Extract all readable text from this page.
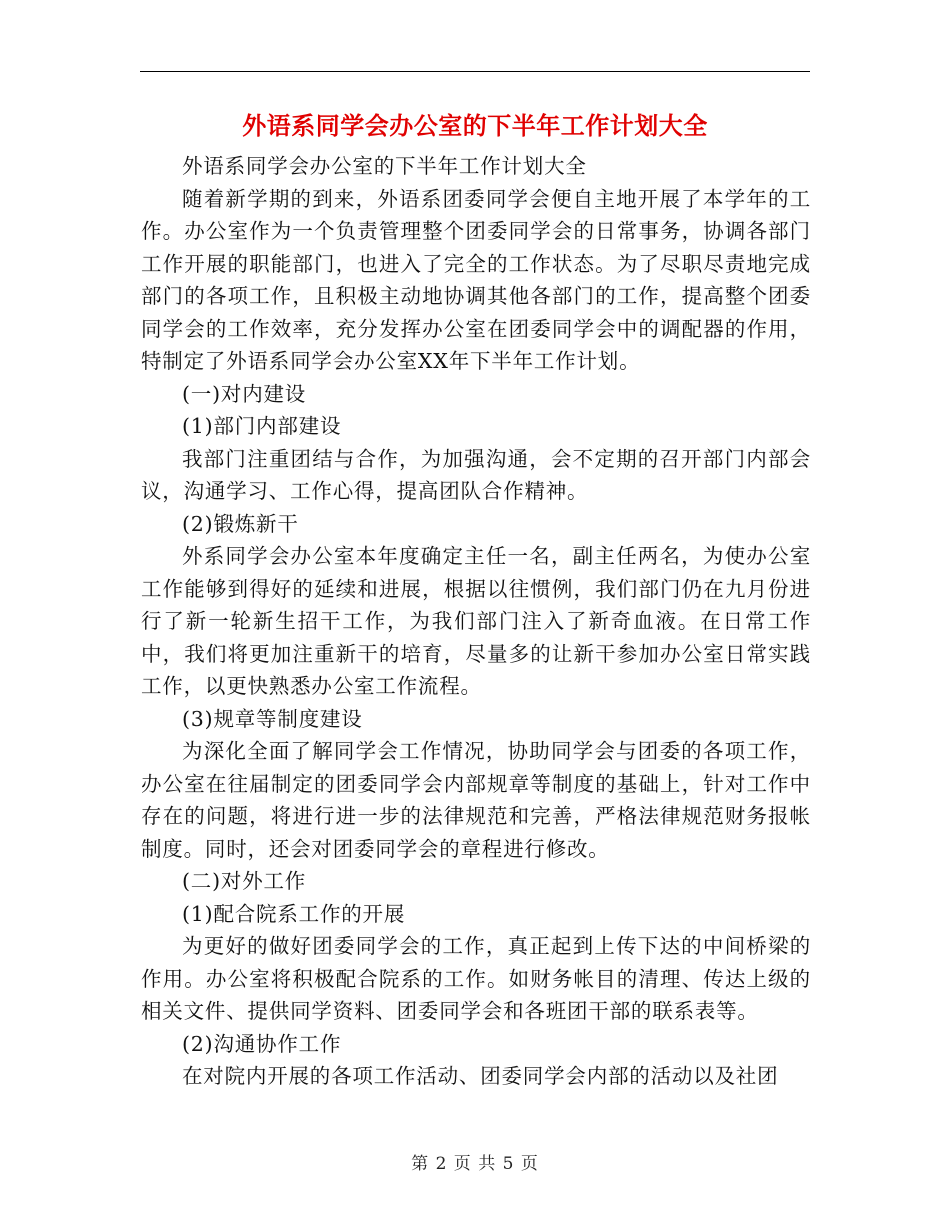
外语系同学会办公室的下半年工作计划大全

外语系同学会办公室的下半年工作计划大全

随着新学期的到来，外语系团委同学会便自主地开展了本学年的工作。办公室作为一个负责管理整个团委同学会的日常事务，协调各部门工作开展的职能部门，也进入了完全的工作状态。为了尽职尽责地完成部门的各项工作，且积极主动地协调其他各部门的工作，提高整个团委同学会的工作效率，充分发挥办公室在团委同学会中的调配器的作用，特制定了外语系同学会办公室XX年下半年工作计划。

(一)对内建设

(1)部门内部建设

我部门注重团结与合作，为加强沟通，会不定期的召开部门内部会议，沟通学习、工作心得，提高团队合作精神。

(2)锻炼新干

外系同学会办公室本年度确定主任一名，副主任两名，为使办公室工作能够到得好的延续和进展，根据以往惯例，我们部门仍在九月份进行了新一轮新生招干工作，为我们部门注入了新奇血液。在日常工作中，我们将更加注重新干的培育，尽量多的让新干参加办公室日常实践工作，以更快熟悉办公室工作流程。

(3)规章等制度建设

为深化全面了解同学会工作情况，协助同学会与团委的各项工作，办公室在往届制定的团委同学会内部规章等制度的基础上，针对工作中存在的问题，将进行进一步的法律规范和完善，严格法律规范财务报帐制度。同时，还会对团委同学会的章程进行修改。

(二)对外工作

(1)配合院系工作的开展

为更好的做好团委同学会的工作，真正起到上传下达的中间桥梁的作用。办公室将积极配合院系的工作。如财务帐目的清理、传达上级的相关文件、提供同学资料、团委同学会和各班团干部的联系表等。

(2)沟通协作工作

在对院内开展的各项工作活动、团委同学会内部的活动以及社团

第 2 页 共 5 页
